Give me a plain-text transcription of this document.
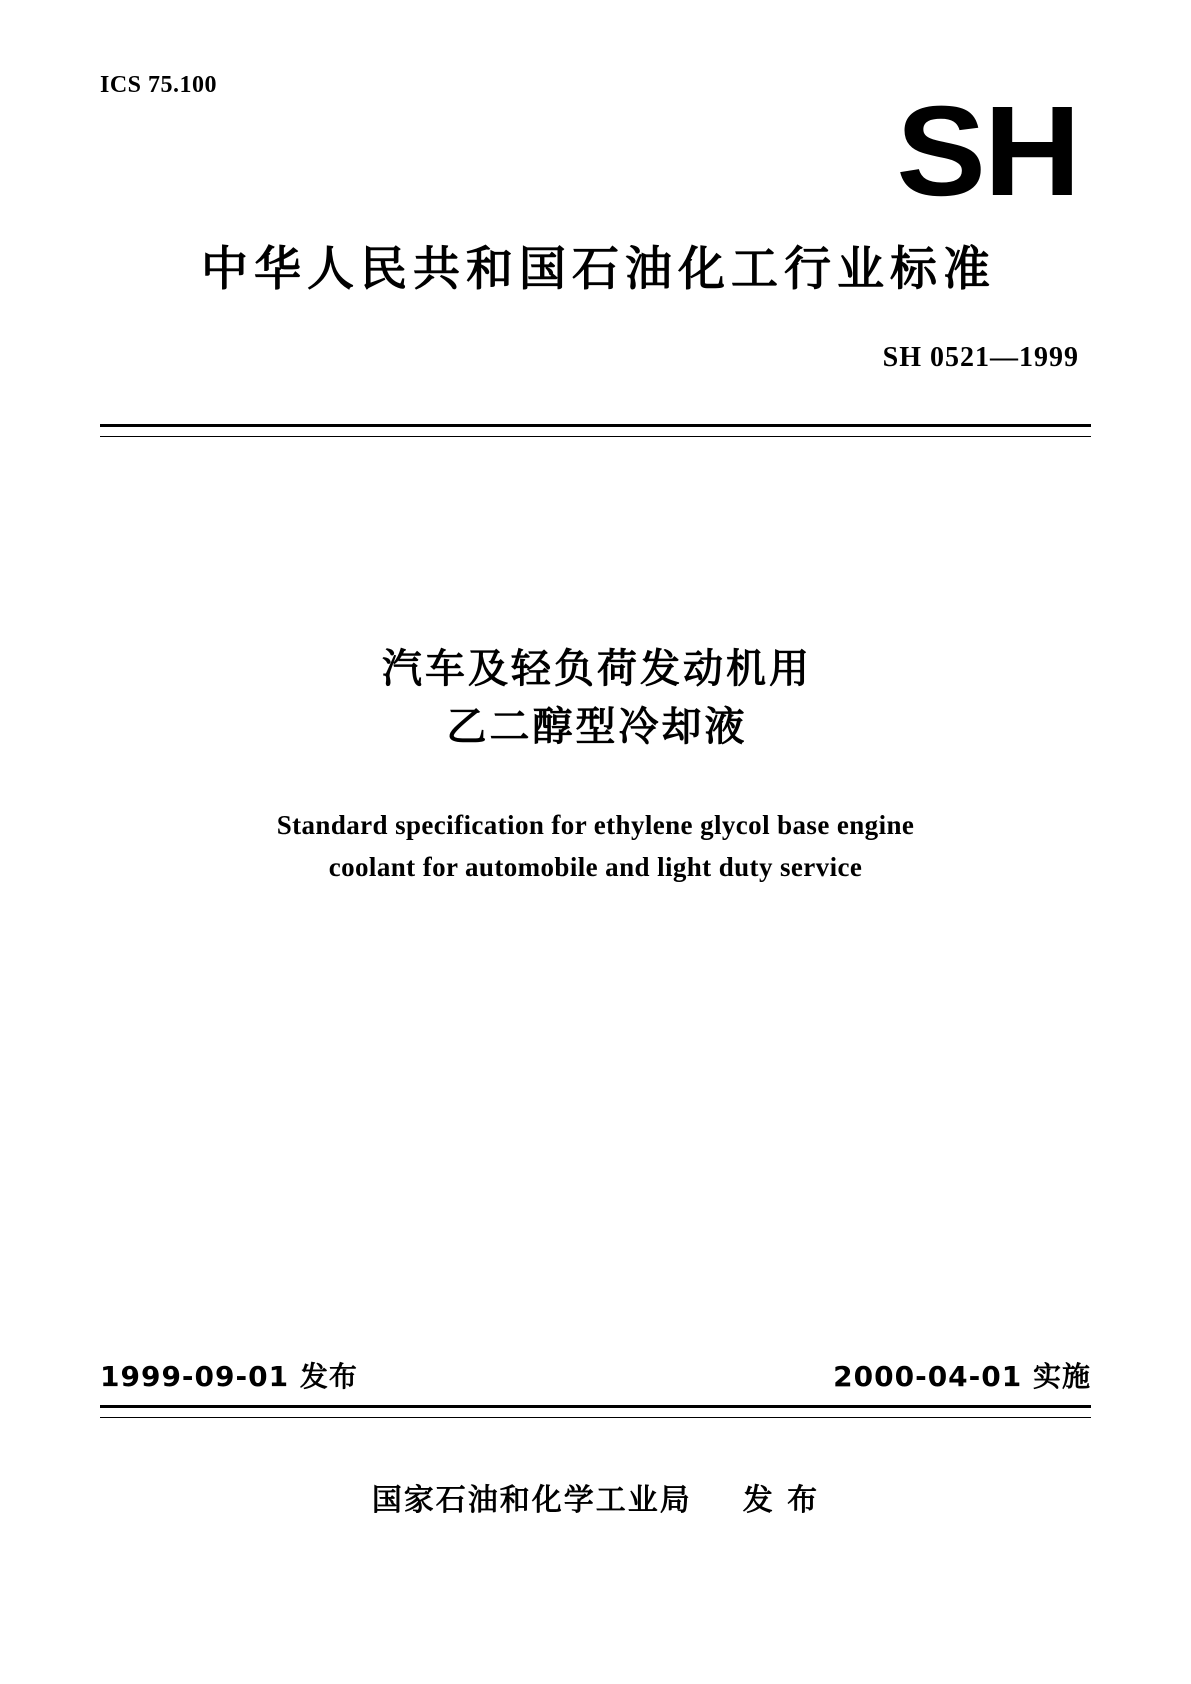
ICS 75.100	SH
中华人民共和国石油化工行业标准
SH 0521—1999
汽车及轻负荷发动机用
乙二醇型冷却液
Standard specification for ethylene glycol base engine
coolant for automobile and light duty service
1999-09-01 发布	2000-04-01 实施
国家石油和化学工业局 发 布
